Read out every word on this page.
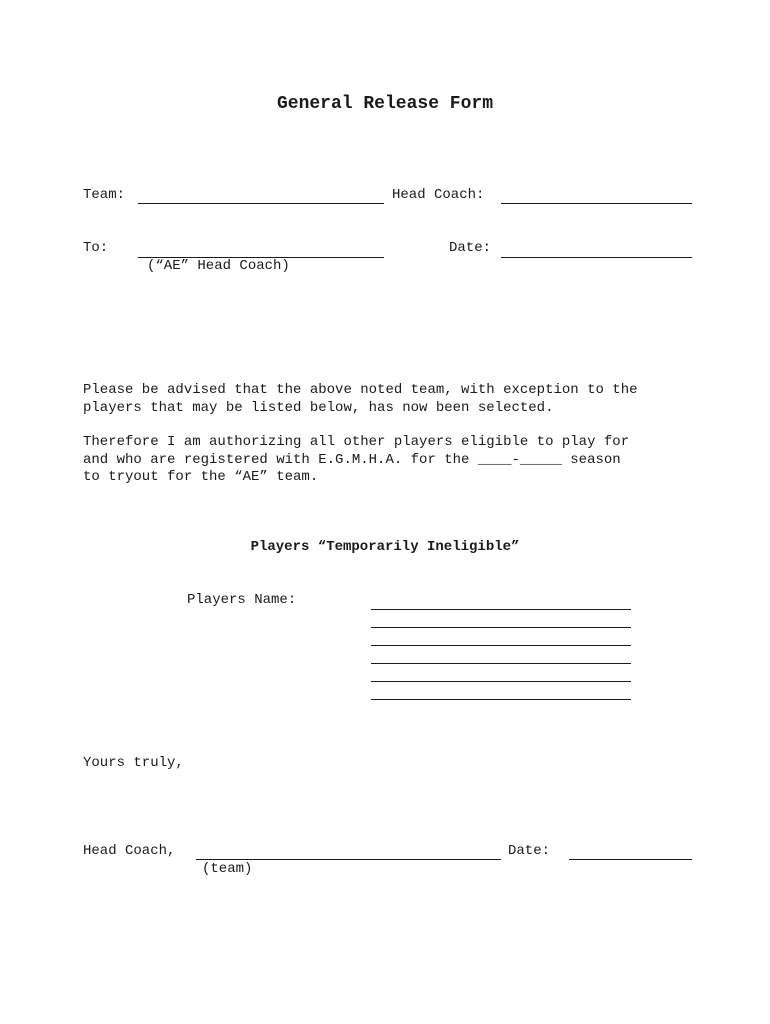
General Release Form
Team:	Head Coach:
To:	Date:
(“AE” Head Coach)
Please be advised that the above noted team, with exception to the
players that may be listed below, has now been selected.
Therefore I am authorizing all other players eligible to play for
and who are registered with E.G.M.H.A. for the ____-_____ season
to tryout for the “AE” team.
Players “Temporarily Ineligible”
Players Name:
Yours truly,
Head Coach,	Date:
(team)
